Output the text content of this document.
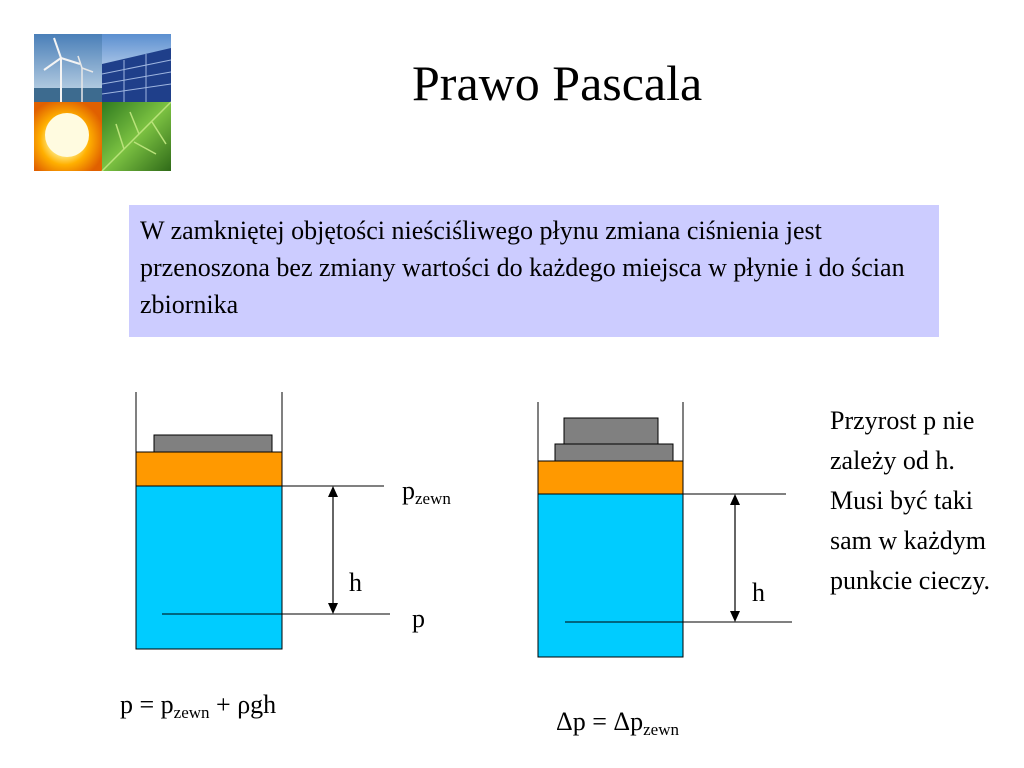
Prawo Pascala
W zamkniętej objętości nieściśliwego płynu zmiana ciśnienia jest przenoszona bez zmiany wartości do każdego miejsca w płynie i do ścian zbiornika
$p_{zewn}$
h
p
$p = p_{zewn} + \rho gh$
h
$\Delta p = \Delta p_{zewn}$
Przyrost p nie zależy od h. Musi być taki sam w każdym punkcie cieczy.
